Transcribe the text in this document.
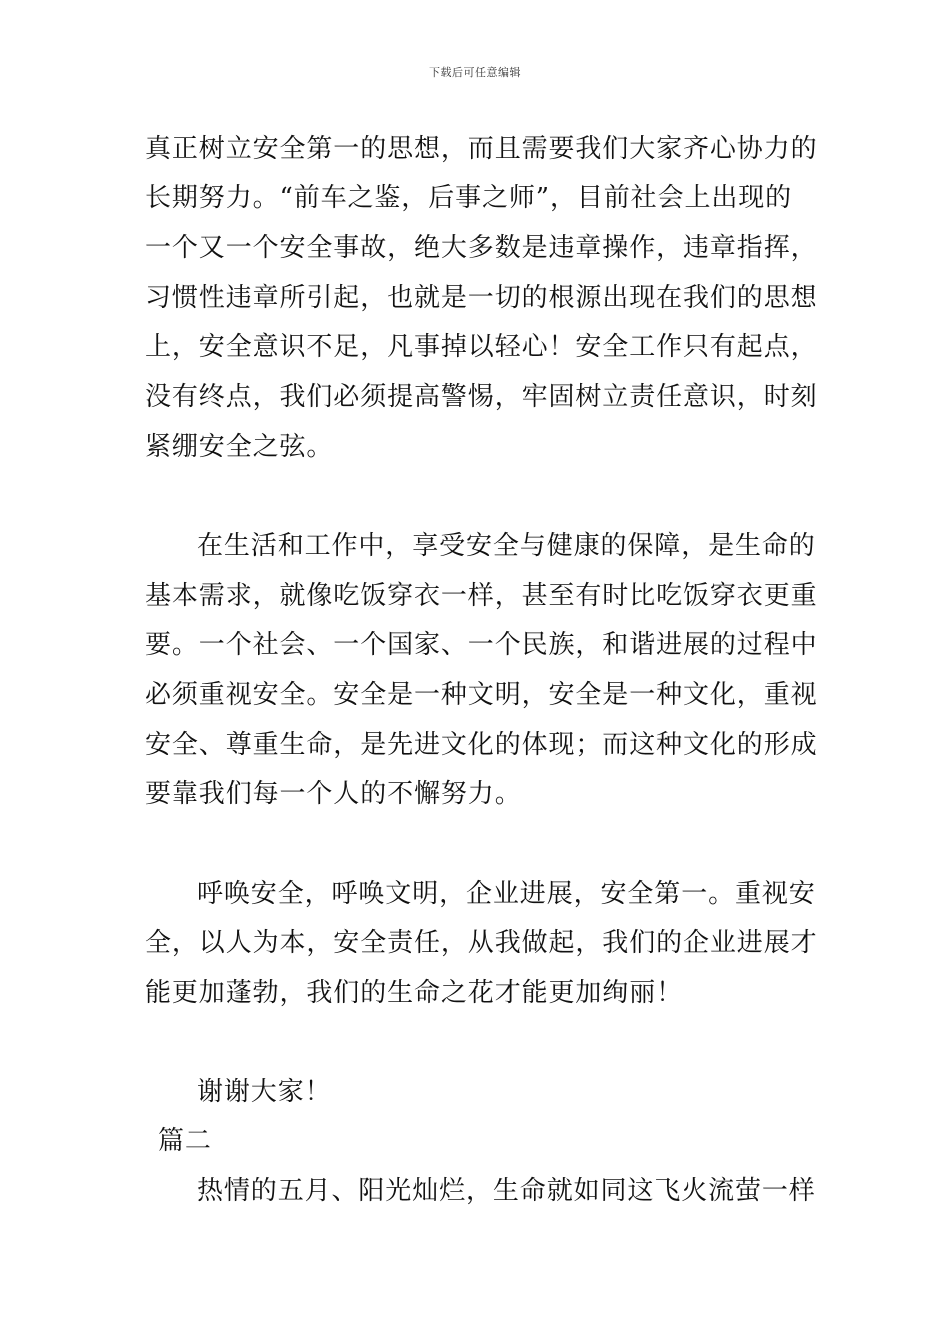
下载后可任意编辑
真正树立安全第一的思想，而且需要我们大家齐心协力的
长期努力。“前车之鉴，后事之师”，目前社会上出现的
一个又一个安全事故，绝大多数是违章操作，违章指挥，
习惯性违章所引起，也就是一切的根源出现在我们的思想
上，安全意识不足，凡事掉以轻心！安全工作只有起点，
没有终点，我们必须提高警惕，牢固树立责任意识，时刻
紧绷安全之弦。
在生活和工作中，享受安全与健康的保障，是生命的
基本需求，就像吃饭穿衣一样，甚至有时比吃饭穿衣更重
要。一个社会、一个国家、一个民族，和谐进展的过程中
必须重视安全。安全是一种文明，安全是一种文化，重视
安全、尊重生命，是先进文化的体现；而这种文化的形成
要靠我们每一个人的不懈努力。
呼唤安全，呼唤文明，企业进展，安全第一。重视安
全，以人为本，安全责任，从我做起，我们的企业进展才
能更加蓬勃，我们的生命之花才能更加绚丽！
谢谢大家！
篇二
热情的五月、阳光灿烂，生命就如同这飞火流萤一样
